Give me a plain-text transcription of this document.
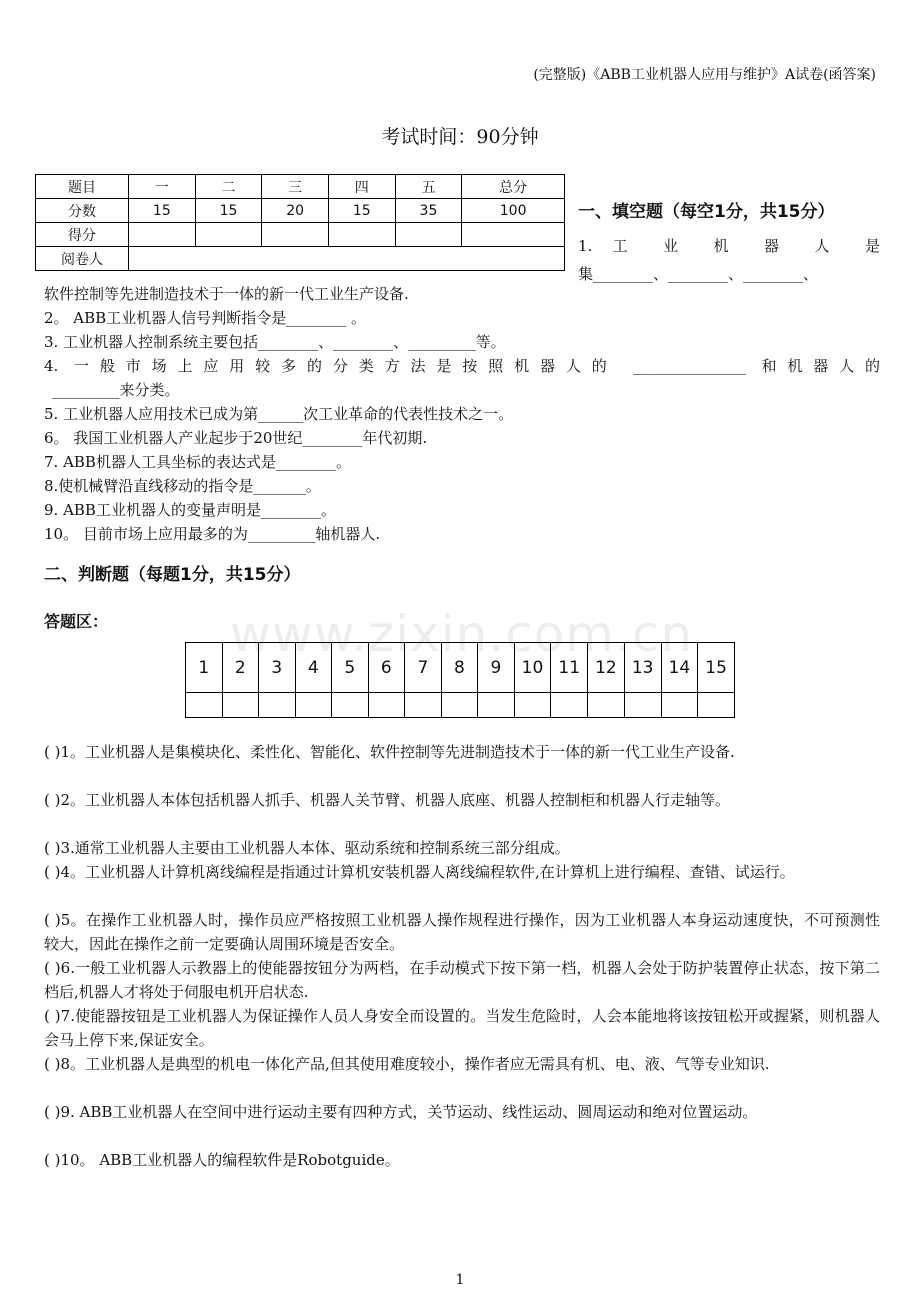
(完整版)《ABB工业机器人应用与维护》A试卷(函答案)
考试时间：90分钟
题目	一	二	三	四	五	总分
分数	15	15	20	15	35	100
得分						
阅卷人						
一、填空题（每空1分，共15分）
1. 工 业 机 器 人 是
集________、________、________、
软件控制等先进制造技术于一体的新一代工业生产设备.
2。 ABB工业机器人信号判断指令是________ 。
3. 工业机器人控制系统主要包括________、________、_________等。
4. 一般市场上应用较多的分类方法是按照机器人的 _______________ 和机器人的
_________来分类。
5. 工业机器人应用技术已成为第______次工业革命的代表性技术之一。
6。 我国工业机器人产业起步于20世纪________年代初期.
7. ABB机器人工具坐标的表达式是________。
8.使机械臂沿直线移动的指令是_______。
9. ABB工业机器人的变量声明是________。
10。 目前市场上应用最多的为_________轴机器人.
二、判断题（每题1分，共15分）
答题区： www.zixin.com.cn
1	2	3	4	5	6	7	8	9	10	11	12	13	14	15

( )1。工业机器人是集模块化、柔性化、智能化、软件控制等先进制造技术于一体的新一代工业生产设备.
( )2。工业机器人本体包括机器人抓手、机器人关节臂、机器人底座、机器人控制柜和机器人行走轴等。
( )3.通常工业机器人主要由工业机器人本体、驱动系统和控制系统三部分组成。
( )4。工业机器人计算机离线编程是指通过计算机安装机器人离线编程软件,在计算机上进行编程、查错、试运行。
( )5。在操作工业机器人时，操作员应严格按照工业机器人操作规程进行操作，因为工业机器人本身运动速度快，不可预测性较大，因此在操作之前一定要确认周围环境是否安全。
( )6.一般工业机器人示教器上的使能器按钮分为两档，在手动模式下按下第一档，机器人会处于防护装置停止状态，按下第二档后,机器人才将处于伺服电机开启状态.
( )7.使能器按钮是工业机器人为保证操作人员人身安全而设置的。当发生危险时，人会本能地将该按钮松开或握紧，则机器人会马上停下来,保证安全。
( )8。工业机器人是典型的机电一体化产品,但其使用难度较小，操作者应无需具有机、电、液、气等专业知识.
( )9. ABB工业机器人在空间中进行运动主要有四种方式，关节运动、线性运动、圆周运动和绝对位置运动。
( )10。 ABB工业机器人的编程软件是Robotguide。
1
